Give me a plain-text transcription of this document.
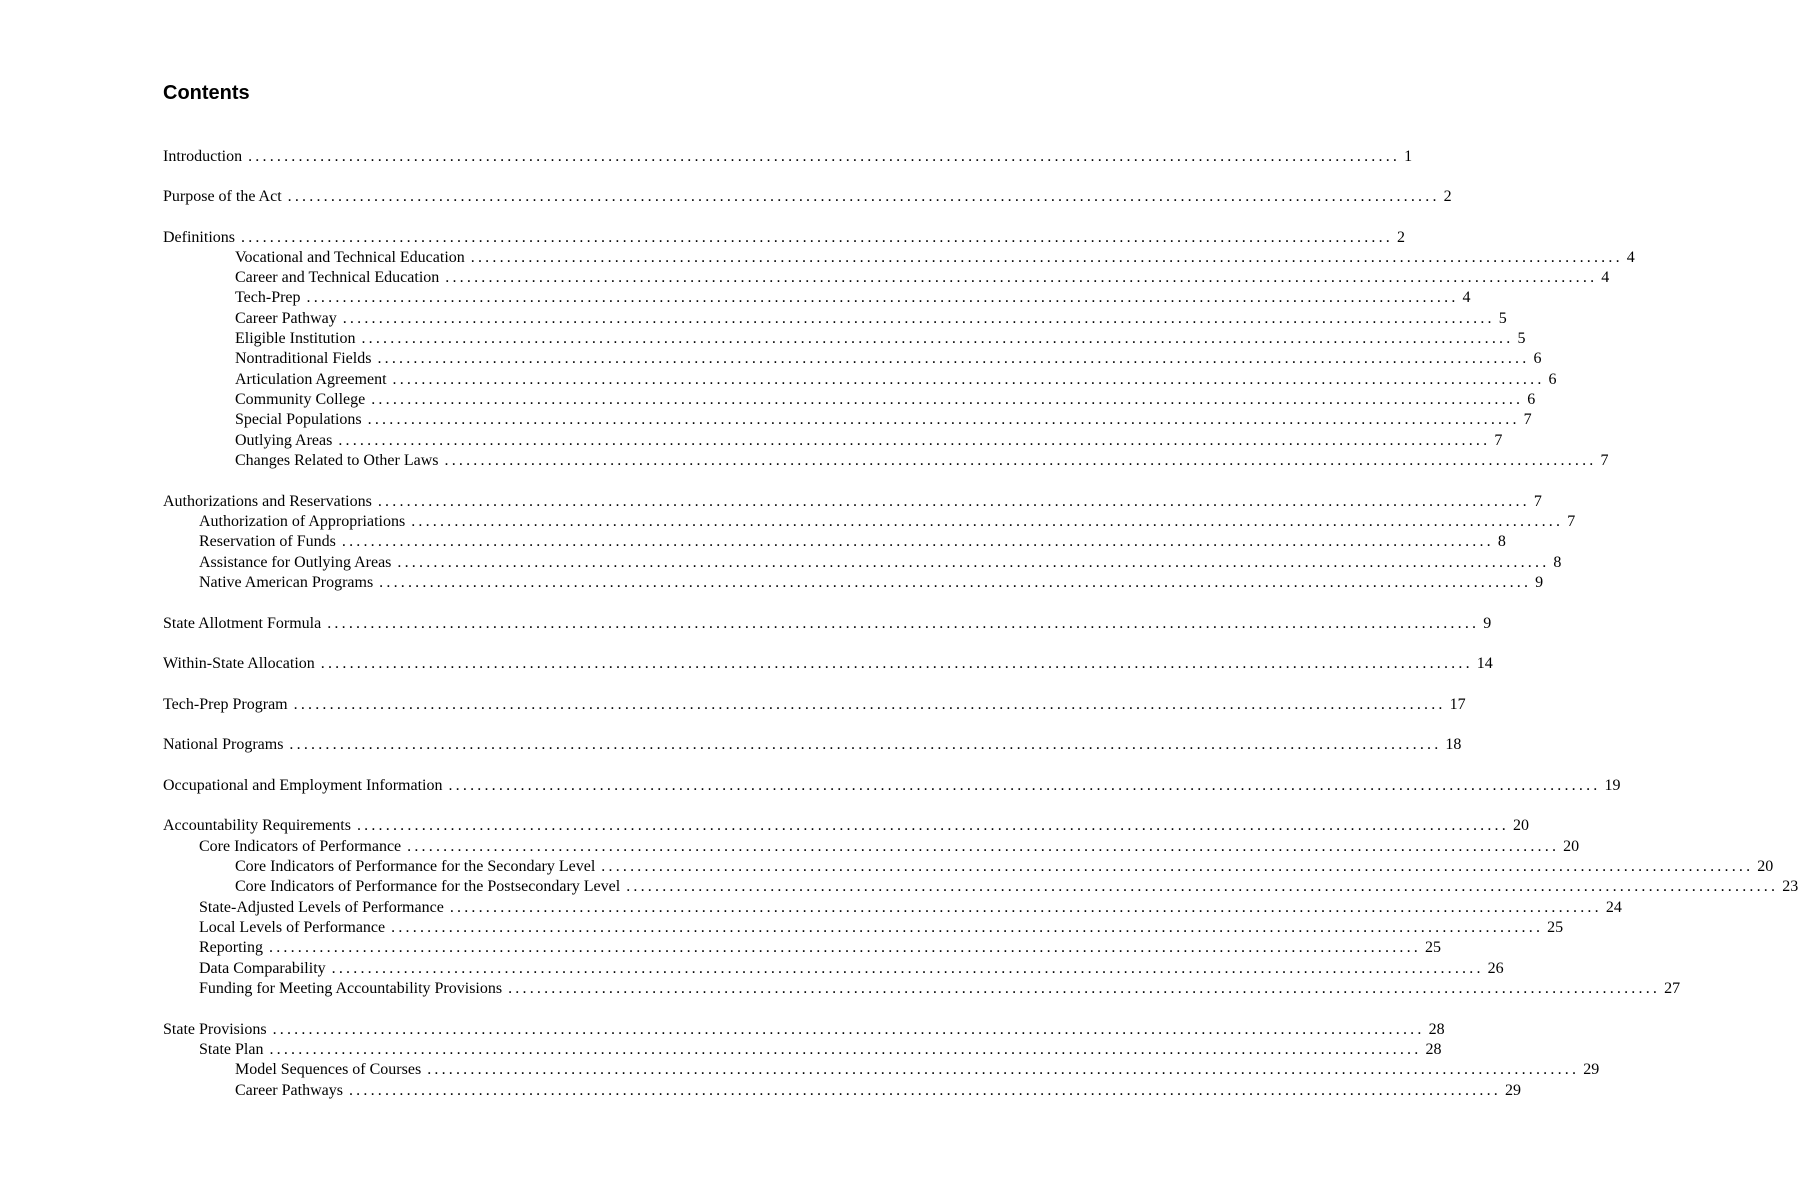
Contents
Introduction ................................................................................................................................................................ 1
Purpose of the Act ................................................................................................................................................................ 2
Definitions ................................................................................................................................................................ 2
Vocational and Technical Education ................................................................................................................................................................ 4
Career and Technical Education ................................................................................................................................................................ 4
Tech-Prep ................................................................................................................................................................ 4
Career Pathway ................................................................................................................................................................ 5
Eligible Institution ................................................................................................................................................................ 5
Nontraditional Fields ................................................................................................................................................................ 6
Articulation Agreement ................................................................................................................................................................ 6
Community College ................................................................................................................................................................ 6
Special Populations ................................................................................................................................................................ 7
Outlying Areas ................................................................................................................................................................ 7
Changes Related to Other Laws ................................................................................................................................................................ 7
Authorizations and Reservations ................................................................................................................................................................ 7
Authorization of Appropriations ................................................................................................................................................................ 7
Reservation of Funds ................................................................................................................................................................ 8
Assistance for Outlying Areas ................................................................................................................................................................ 8
Native American Programs ................................................................................................................................................................ 9
State Allotment Formula ................................................................................................................................................................ 9
Within-State Allocation ................................................................................................................................................................ 14
Tech-Prep Program ................................................................................................................................................................ 17
National Programs ................................................................................................................................................................ 18
Occupational and Employment Information ................................................................................................................................................................ 19
Accountability Requirements ................................................................................................................................................................ 20
Core Indicators of Performance ................................................................................................................................................................ 20
Core Indicators of Performance for the Secondary Level ................................................................................................................................................................ 20
Core Indicators of Performance for the Postsecondary Level ................................................................................................................................................................ 23
State-Adjusted Levels of Performance ................................................................................................................................................................ 24
Local Levels of Performance ................................................................................................................................................................ 25
Reporting ................................................................................................................................................................ 25
Data Comparability ................................................................................................................................................................ 26
Funding for Meeting Accountability Provisions ................................................................................................................................................................ 27
State Provisions ................................................................................................................................................................ 28
State Plan ................................................................................................................................................................ 28
Model Sequences of Courses ................................................................................................................................................................ 29
Career Pathways ................................................................................................................................................................ 29
